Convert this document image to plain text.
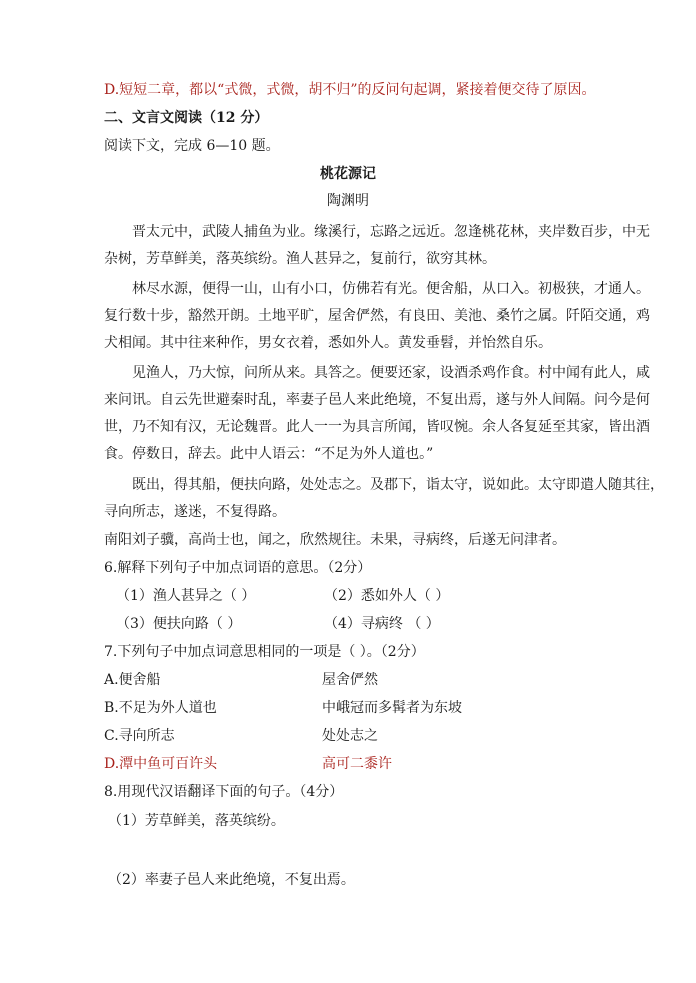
D.短短二章，都以“式微，式微，胡不归”的反问句起调，紧接着便交待了原因。
二、文言文阅读（12 分）
阅读下文，完成 6—10 题。
桃花源记
陶渊明
晋太元中，武陵人捕鱼为业。缘溪行，忘路之远近。忽逢桃花林，夹岸数百步，中无
杂树，芳草鲜美，落英缤纷。渔人甚异之，复前行，欲穷其林。
林尽水源，便得一山，山有小口，仿佛若有光。便舍船，从口入。初极狭，才通人。
复行数十步，豁然开朗。土地平旷，屋舍俨然，有良田、美池、桑竹之属。阡陌交通，鸡
犬相闻。其中往来种作，男女衣着，悉如外人。黄发垂髫，并怡然自乐。
见渔人，乃大惊，问所从来。具答之。便要还家，设酒杀鸡作食。村中闻有此人，咸
来问讯。自云先世避秦时乱，率妻子邑人来此绝境，不复出焉，遂与外人间隔。问今是何
世，乃不知有汉，无论魏晋。此人一一为具言所闻，皆叹惋。余人各复延至其家，皆出酒
食。停数日，辞去。此中人语云：“不足为外人道也。”
既出，得其船，便扶向路，处处志之。及郡下，诣太守，说如此。太守即遣人随其往，
寻向所志，遂迷，不复得路。
南阳刘子骥，高尚士也，闻之，欣然规往。未果，寻病终，后遂无问津者。
6.解释下列句子中加点词语的意思。（2分）
（1）渔人甚异之（ ）	（2）悉如外人（ ）
（3）便扶向路（ ）	（4）寻病终 （ ）
7.下列句子中加点词意思相同的一项是（ ）。（2分）
A.便舍船	屋舍俨然
B.不足为外人道也	中峨冠而多髯者为东坡
C.寻向所志	处处志之
D.潭中鱼可百许头	高可二黍许
8.用现代汉语翻译下面的句子。（4分）
（1）芳草鲜美，落英缤纷。
（2）率妻子邑人来此绝境，不复出焉。
